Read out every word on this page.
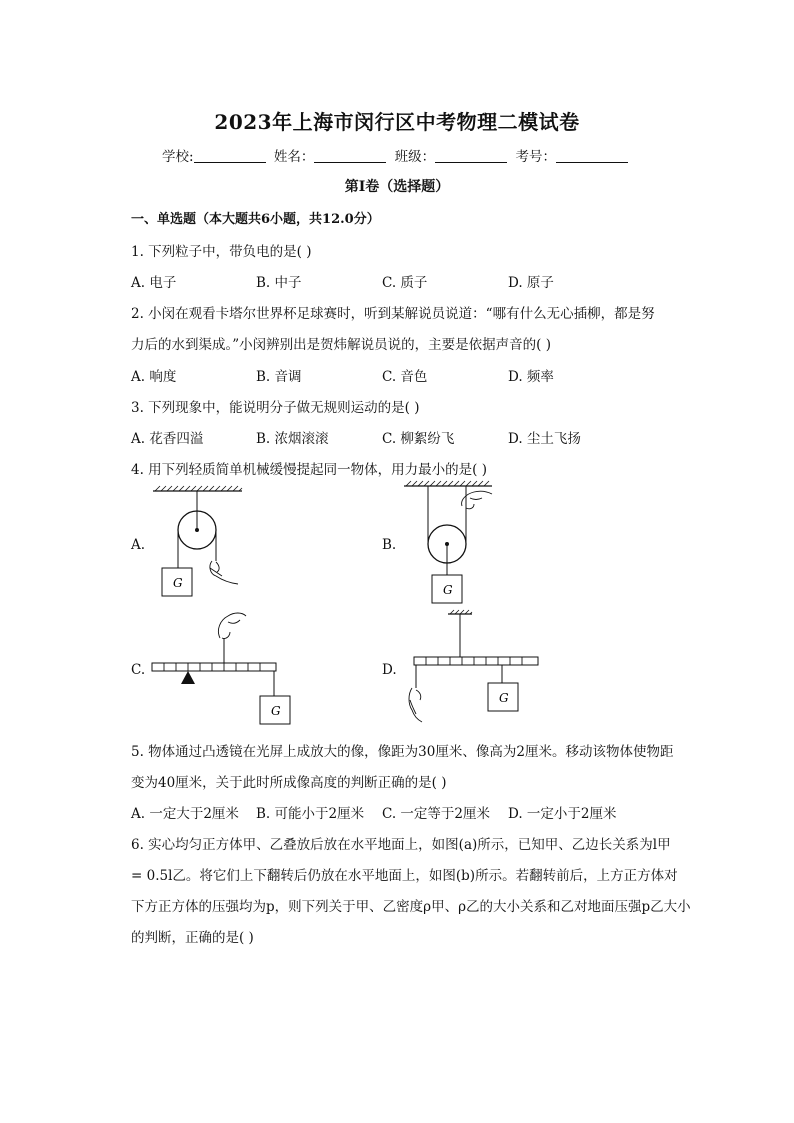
2023年上海市闵行区中考物理二模试卷
学校:	姓名：	班级：	考号：
第I卷（选择题）
一、单选题（本大题共6小题，共12.0分）
1. 下列粒子中，带负电的是( )
A. 电子	B. 中子	C. 质子	D. 原子
2. 小闵在观看卡塔尔世界杯足球赛时，听到某解说员说道：“哪有什么无心插柳，都是努
力后的水到渠成。”小闵辨别出是贺炜解说员说的，主要是依据声音的( )
A. 响度	B. 音调	C. 音色	D. 频率
3. 下列现象中，能说明分子做无规则运动的是( )
A. 花香四溢	B. 浓烟滚滚	C. 柳絮纷飞	D. 尘土飞扬
4. 用下列轻质简单机械缓慢提起同一物体，用力最小的是( )
A.	B.
C.	D.
G	G
G
G
5. 物体通过凸透镜在光屏上成放大的像，像距为30厘米、像高为2厘米。移动该物体使物距
变为40厘米，关于此时所成像高度的判断正确的是( )
A. 一定大于2厘米 B. 可能小于2厘米 C. 一定等于2厘米 D. 一定小于2厘米
6. 实心均匀正方体甲、乙叠放后放在水平地面上，如图(a)所示，已知甲、乙边长关系为l甲
= 0.5l乙。将它们上下翻转后仍放在水平地面上，如图(b)所示。若翻转前后，上方正方体对
下方正方体的压强均为p，则下列关于甲、乙密度ρ甲、ρ乙的大小关系和乙对地面压强p乙大小
的判断，正确的是( )
